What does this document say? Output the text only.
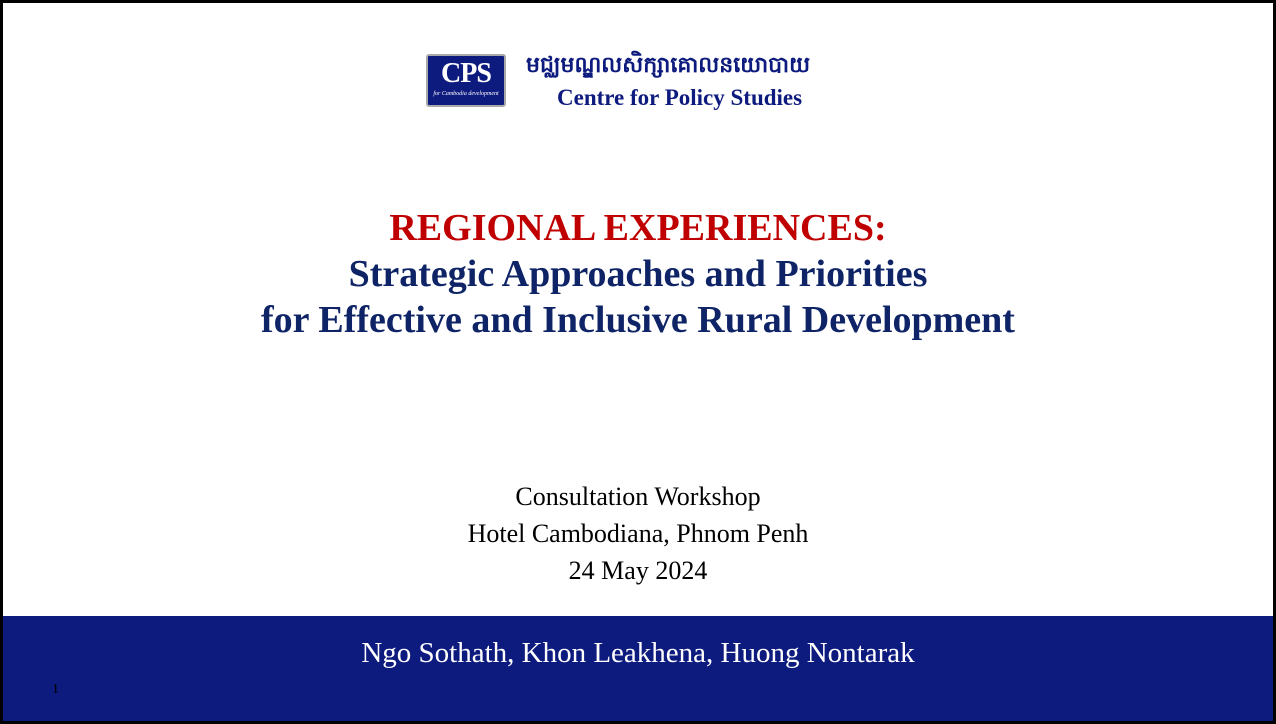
CPS
for Cambodia development
មជ្ឈមណ្ឌលសិក្សាគោលនយោបាយ
Centre for Policy Studies
REGIONAL EXPERIENCES:
Strategic Approaches and Priorities
for Effective and Inclusive Rural Development
Consultation Workshop
Hotel Cambodiana, Phnom Penh
24 May 2024
Ngo Sothath, Khon Leakhena, Huong Nontarak
1
